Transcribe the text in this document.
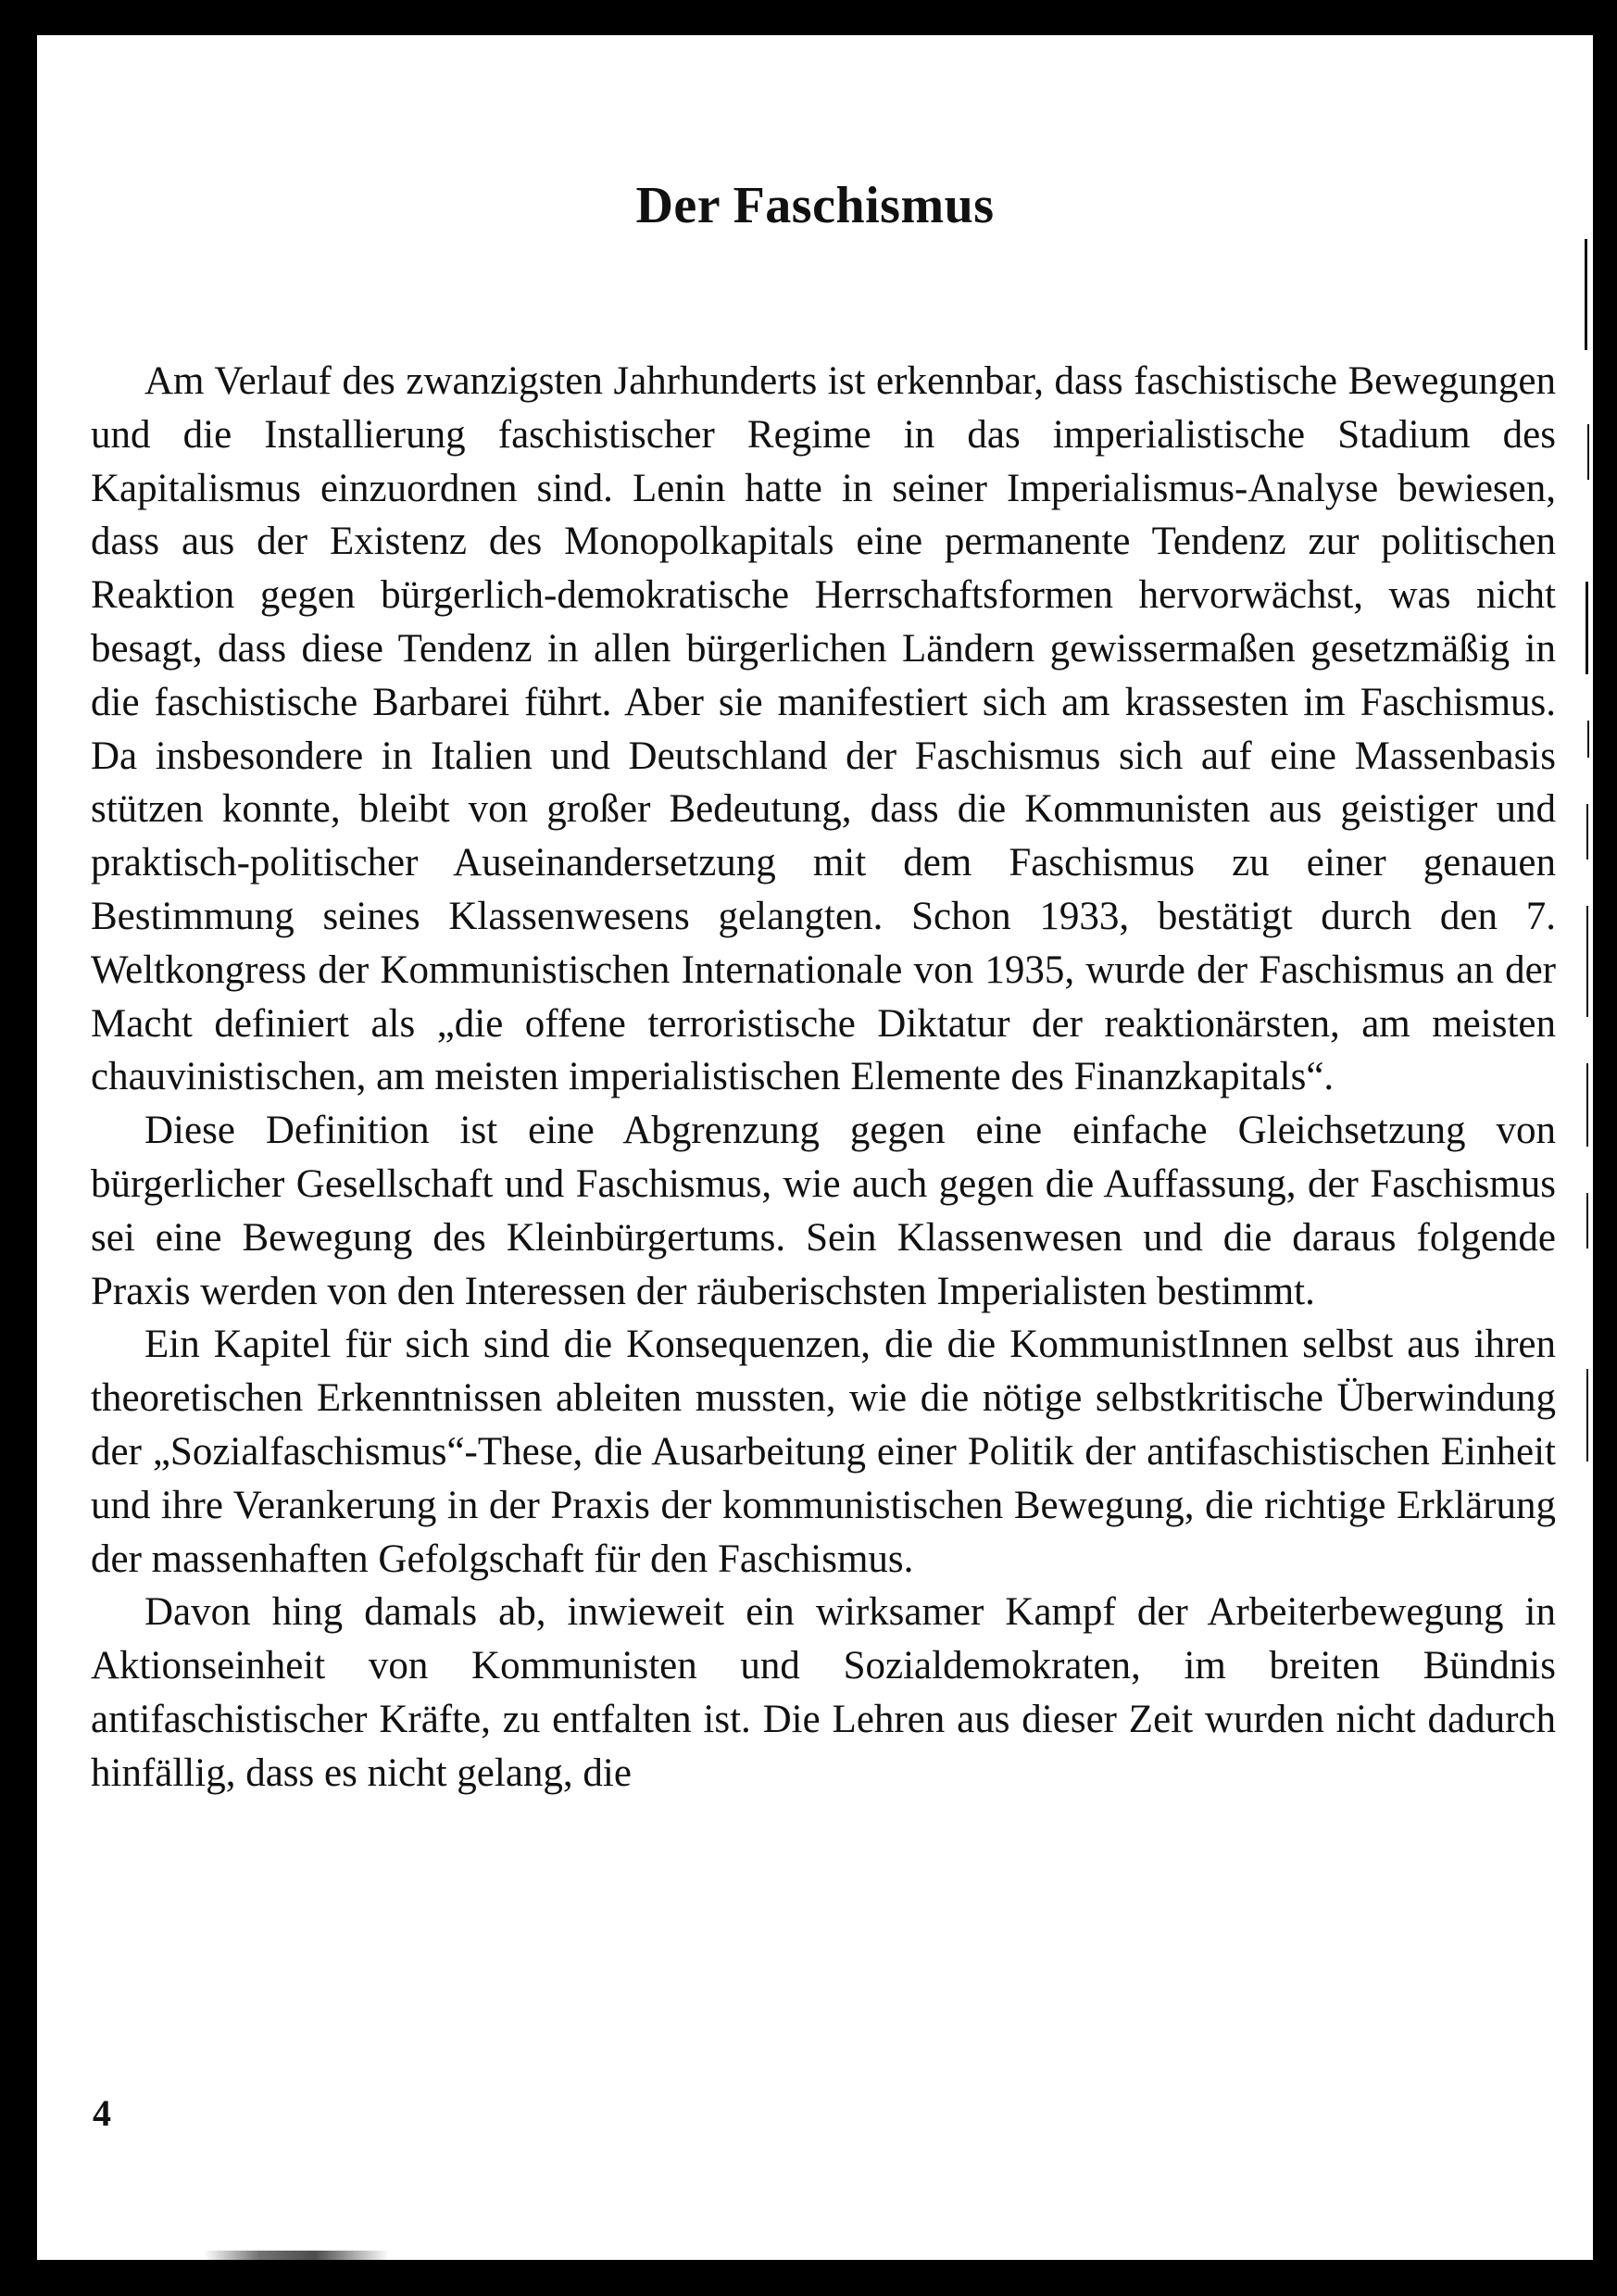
Der Faschismus

Am Verlauf des zwanzigsten Jahrhunderts ist erkennbar, dass faschistische Bewegungen und die Installierung faschistischer Regime in das imperialistische Stadium des Kapitalismus einzuordnen sind. Lenin hatte in seiner Imperialismus-Analyse bewiesen, dass aus der Existenz des Monopolkapitals eine permanente Tendenz zur politischen Reaktion gegen bürgerlich-demokratische Herrschaftsformen hervorwächst, was nicht besagt, dass diese Tendenz in allen bürgerlichen Ländern gewissermaßen gesetzmäßig in die faschistische Barbarei führt. Aber sie manifestiert sich am krassesten im Faschismus. Da insbesondere in Italien und Deutschland der Faschismus sich auf eine Massenbasis stützen konnte, bleibt von großer Bedeutung, dass die Kommunisten aus geistiger und praktisch-politischer Auseinandersetzung mit dem Faschismus zu einer genauen Bestimmung seines Klassenwesens gelangten. Schon 1933, bestätigt durch den 7. Weltkongress der Kommunistischen Internationale von 1935, wurde der Faschismus an der Macht definiert als „die offene terroristische Diktatur der reaktionärsten, am meisten chauvinistischen, am meisten imperialistischen Elemente des Finanzkapitals“.

Diese Definition ist eine Abgrenzung gegen eine einfache Gleichsetzung von bürgerlicher Gesellschaft und Faschismus, wie auch gegen die Auffassung, der Faschismus sei eine Bewegung des Kleinbürgertums. Sein Klassenwesen und die daraus folgende Praxis werden von den Interessen der räuberischsten Imperialisten bestimmt.

Ein Kapitel für sich sind die Konsequenzen, die die KommunistInnen selbst aus ihren theoretischen Erkenntnissen ableiten mussten, wie die nötige selbstkritische Überwindung der „Sozialfaschismus“-These, die Ausarbeitung einer Politik der antifaschistischen Einheit und ihre Verankerung in der Praxis der kommunistischen Bewegung, die richtige Erklärung der massenhaften Gefolgschaft für den Faschismus.

Davon hing damals ab, inwieweit ein wirksamer Kampf der Arbeiterbewegung in Aktionseinheit von Kommunisten und Sozialdemokraten, im breiten Bündnis antifaschistischer Kräfte, zu entfalten ist. Die Lehren aus dieser Zeit wurden nicht dadurch hinfällig, dass es nicht gelang, die

4
